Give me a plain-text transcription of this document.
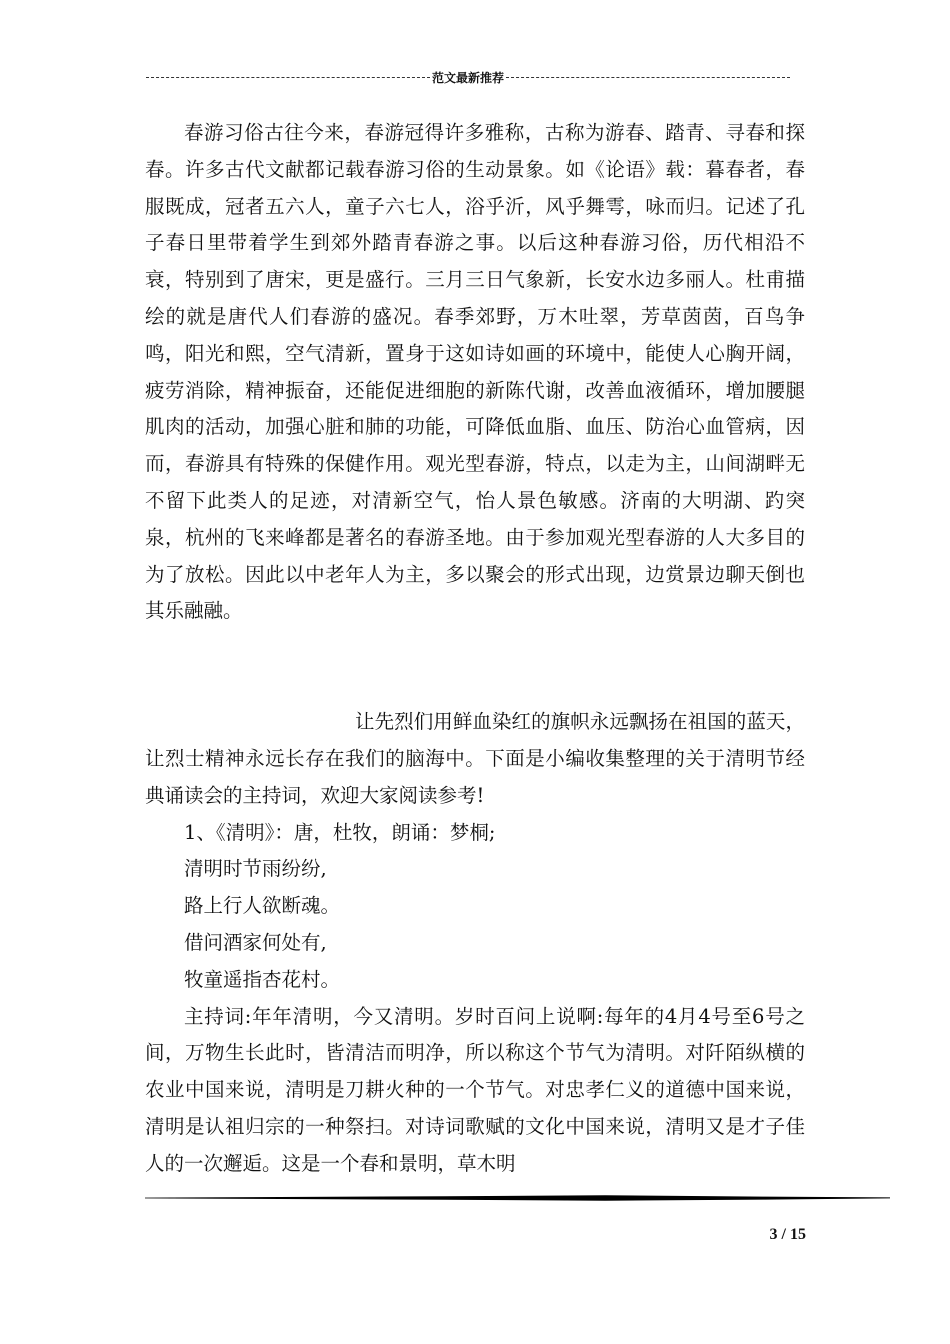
范文最新推荐

春游习俗古往今来，春游冠得许多雅称，古称为游春、踏青、寻春和探春。许多古代文献都记载春游习俗的生动景象。如《论语》载：暮春者，春服既成，冠者五六人，童子六七人，浴乎沂，风乎舞雩，咏而归。记述了孔子春日里带着学生到郊外踏青春游之事。以后这种春游习俗，历代相沿不衰，特别到了唐宋，更是盛行。三月三日气象新，长安水边多丽人。杜甫描绘的就是唐代人们春游的盛况。春季郊野，万木吐翠，芳草茵茵，百鸟争鸣，阳光和熙，空气清新，置身于这如诗如画的环境中，能使人心胸开阔，疲劳消除，精神振奋，还能促进细胞的新陈代谢，改善血液循环，增加腰腿肌肉的活动，加强心脏和肺的功能，可降低血脂、血压、防治心血管病，因而，春游具有特殊的保健作用。观光型春游，特点，以走为主，山间湖畔无不留下此类人的足迹，对清新空气，怡人景色敏感。济南的大明湖、趵突泉，杭州的飞来峰都是著名的春游圣地。由于参加观光型春游的人大多目的为了放松。因此以中老年人为主，多以聚会的形式出现，边赏景边聊天倒也其乐融融。

让先烈们用鲜血染红的旗帜永远飘扬在祖国的蓝天，让烈士精神永远长存在我们的脑海中。下面是小编收集整理的关于清明节经典诵读会的主持词，欢迎大家阅读参考!

1、《清明》：唐，杜牧，朗诵：梦桐;

清明时节雨纷纷,

路上行人欲断魂。

借问酒家何处有,

牧童遥指杏花村。

主持词:年年清明，今又清明。岁时百问上说啊:每年的4月4号至6号之间，万物生长此时，皆清洁而明净，所以称这个节气为清明。对阡陌纵横的农业中国来说，清明是刀耕火种的一个节气。对忠孝仁义的道德中国来说，清明是认祖归宗的一种祭扫。对诗词歌赋的文化中国来说，清明又是才子佳人的一次邂逅。这是一个春和景明，草木明

3 / 15
